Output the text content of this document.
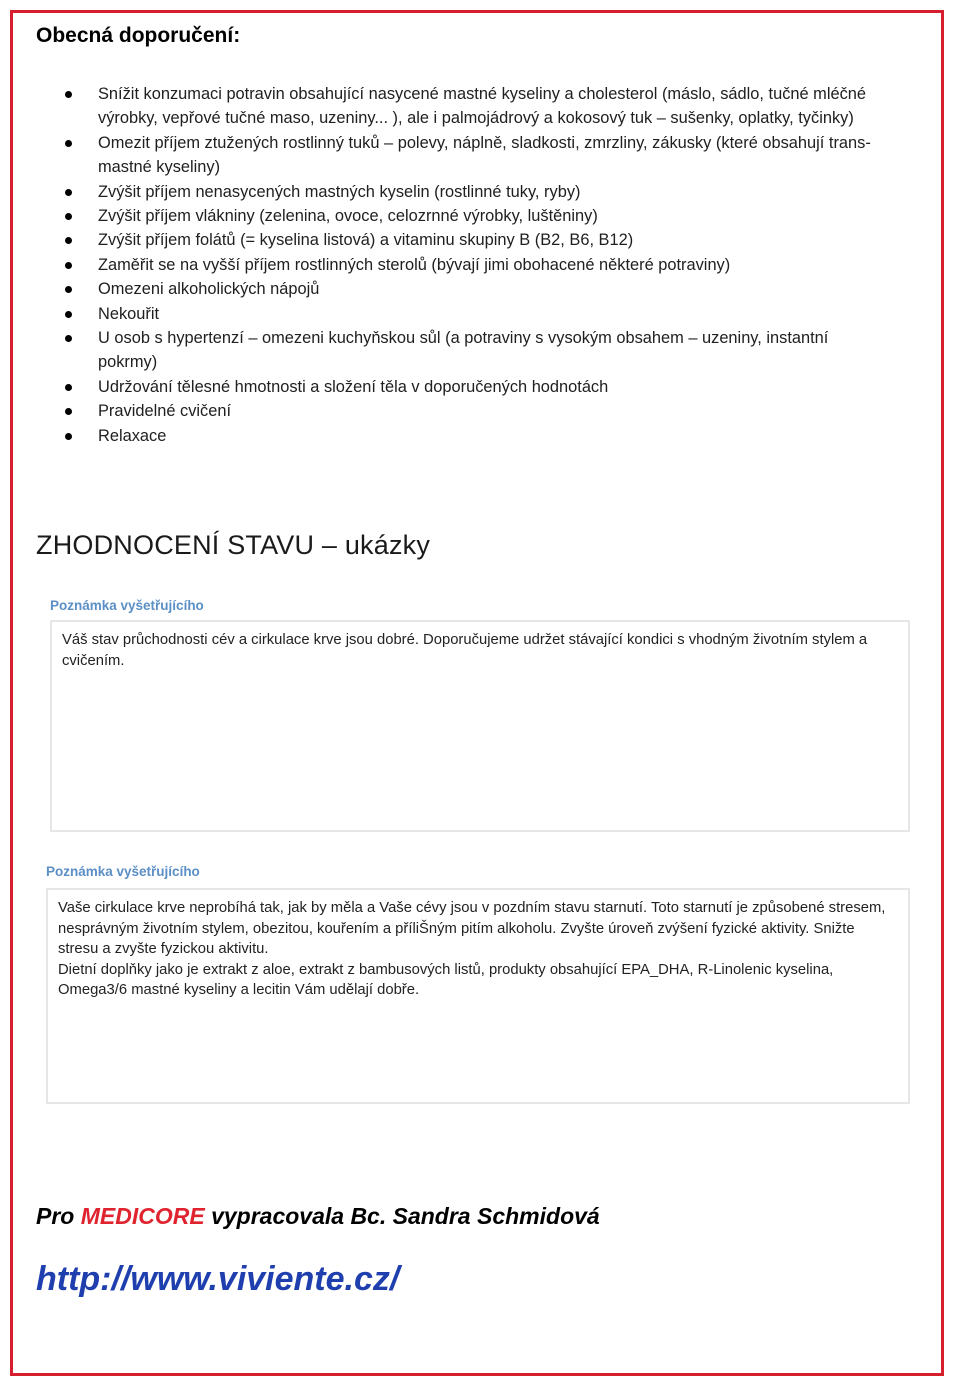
Obecná doporučení:
Snížit konzumaci potravin obsahující nasycené mastné kyseliny a cholesterol (máslo, sádlo, tučné mléčné výrobky, vepřové tučné maso, uzeniny... ), ale i palmojádrový a kokosový tuk – sušenky, oplatky, tyčinky)
Omezit příjem ztužených rostlinný tuků – polevy, náplně, sladkosti, zmrzliny, zákusky (které obsahují trans- mastné kyseliny)
Zvýšit příjem nenasycených mastných kyselin (rostlinné tuky, ryby)
Zvýšit příjem vlákniny (zelenina, ovoce, celozrnné výrobky, luštěniny)
Zvýšit příjem folátů (= kyselina listová) a vitaminu skupiny B (B2, B6, B12)
Zaměřit se na vyšší příjem rostlinných sterolů (bývají jimi obohacené některé potraviny)
Omezeni alkoholických nápojů
Nekouřit
U osob s hypertenzí – omezeni kuchyňskou sůl (a potraviny s vysokým obsahem – uzeniny, instantní pokrmy)
Udržování tělesné hmotnosti a složení těla v doporučených hodnotách
Pravidelné cvičení
Relaxace
ZHODNOCENÍ STAVU – ukázky
Poznámka vyšetřujícího
Váš stav průchodnosti cév a cirkulace krve jsou dobré. Doporučujeme udržet stávající kondici s vhodným životním stylem a cvičením.
Poznámka vyšetřujícího
Vaše cirkulace krve neprobíhá tak, jak by měla a Vaše cévy jsou v pozdním stavu starnutí. Toto starnutí je způsobené stresem, nesprávným životním stylem, obezitou, kouřením a příliŠným pitím alkoholu. Zvyšte úroveň zvýšení fyzické aktivity. Snižte stresu a zvyšte fyzickou aktivitu.
Dietní doplňky jako je extrakt z aloe, extrakt z bambusových listů, produkty obsahující EPA_DHA, R-Linolenic kyselina, Omega3/6 mastné kyseliny a lecitin Vám udělají dobře.
Pro MEDICORE vypracovala Bc. Sandra Schmidová
http://www.viviente.cz/
